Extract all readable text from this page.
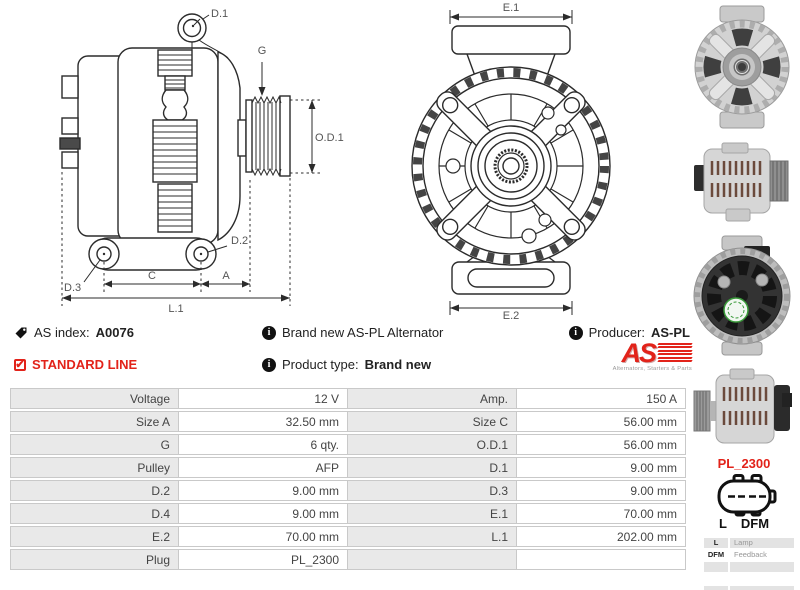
D.1
G
O.D.1
D.2
D.3
C	A
L.1
E.1
E.2
AS index: A0076
✔ STANDARD LINE
i Brand new AS-PL Alternator
i Product type: Brand new
i Producer: AS-PL
AS
Alternators, Starters & Parts
Voltage	12 V	Amp.	150 A
Size A	32.50 mm	Size C	56.00 mm
G	6 qty.	O.D.1	56.00 mm
Pulley	AFP	D.1	9.00 mm
D.2	9.00 mm	D.3	9.00 mm
D.4	9.00 mm	E.1	70.00 mm
E.2	70.00 mm	L.1	202.00 mm
Plug	PL_2300		
PL_2300
L DFM
L	Lamp
DFM	Feedback
